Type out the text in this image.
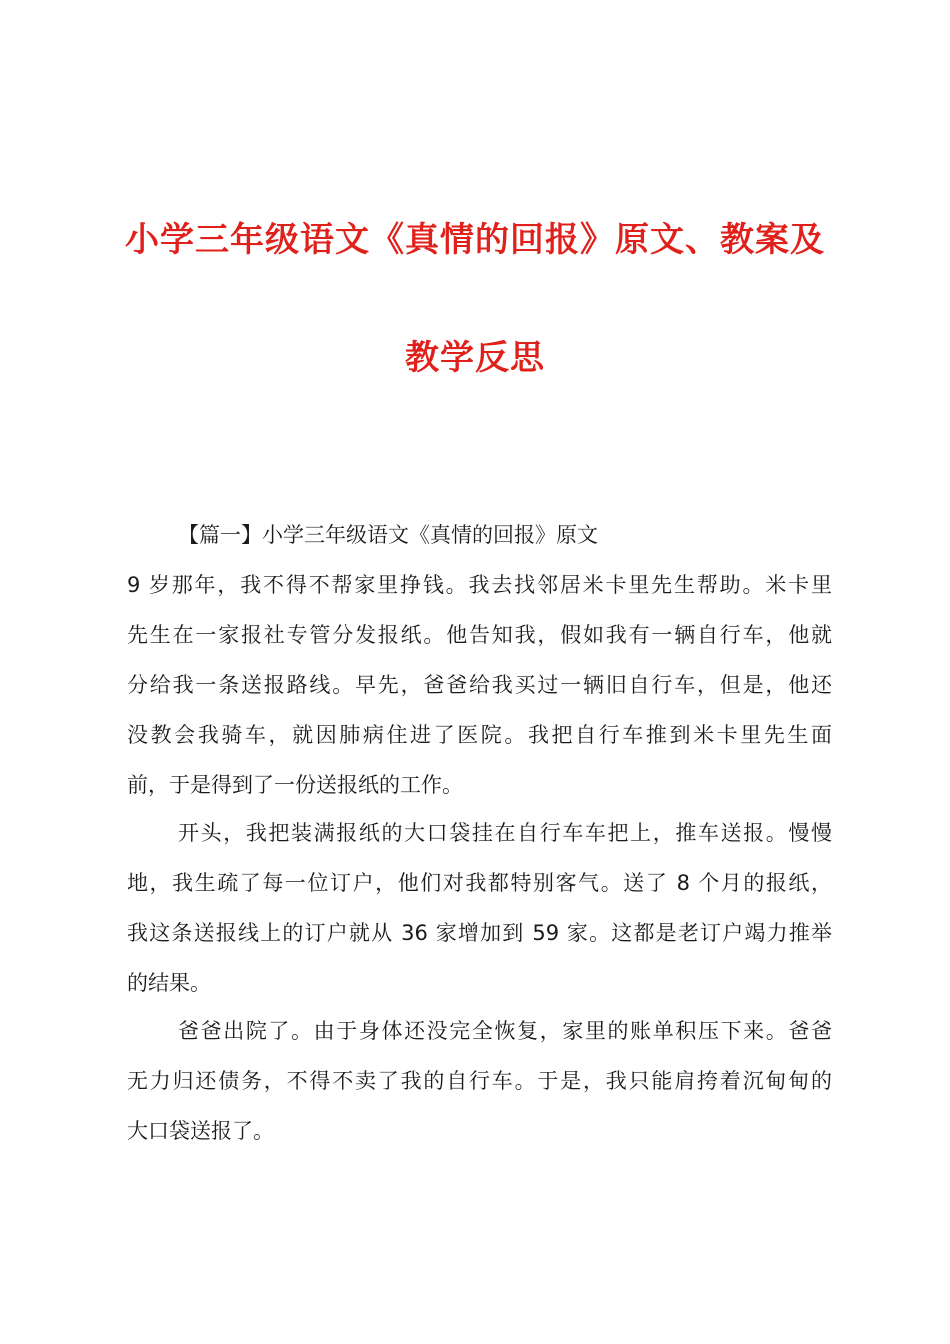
小学三年级语文《真情的回报》原文、教案及
教学反思
【篇一】小学三年级语文《真情的回报》原文
9 岁那年，我不得不帮家里挣钱。我去找邻居米卡里先生帮助。米卡里
先生在一家报社专管分发报纸。他告知我，假如我有一辆自行车，他就
分给我一条送报路线。早先，爸爸给我买过一辆旧自行车，但是，他还
没教会我骑车，就因肺病住进了医院。我把自行车推到米卡里先生面
前，于是得到了一份送报纸的工作。
开头，我把装满报纸的大口袋挂在自行车车把上，推车送报。慢慢
地，我生疏了每一位订户，他们对我都特别客气。送了 8 个月的报纸，
我这条送报线上的订户就从 36 家增加到 59 家。这都是老订户竭力推举
的结果。
爸爸出院了。由于身体还没完全恢复，家里的账单积压下来。爸爸
无力归还债务，不得不卖了我的自行车。于是，我只能肩挎着沉甸甸的
大口袋送报了。
